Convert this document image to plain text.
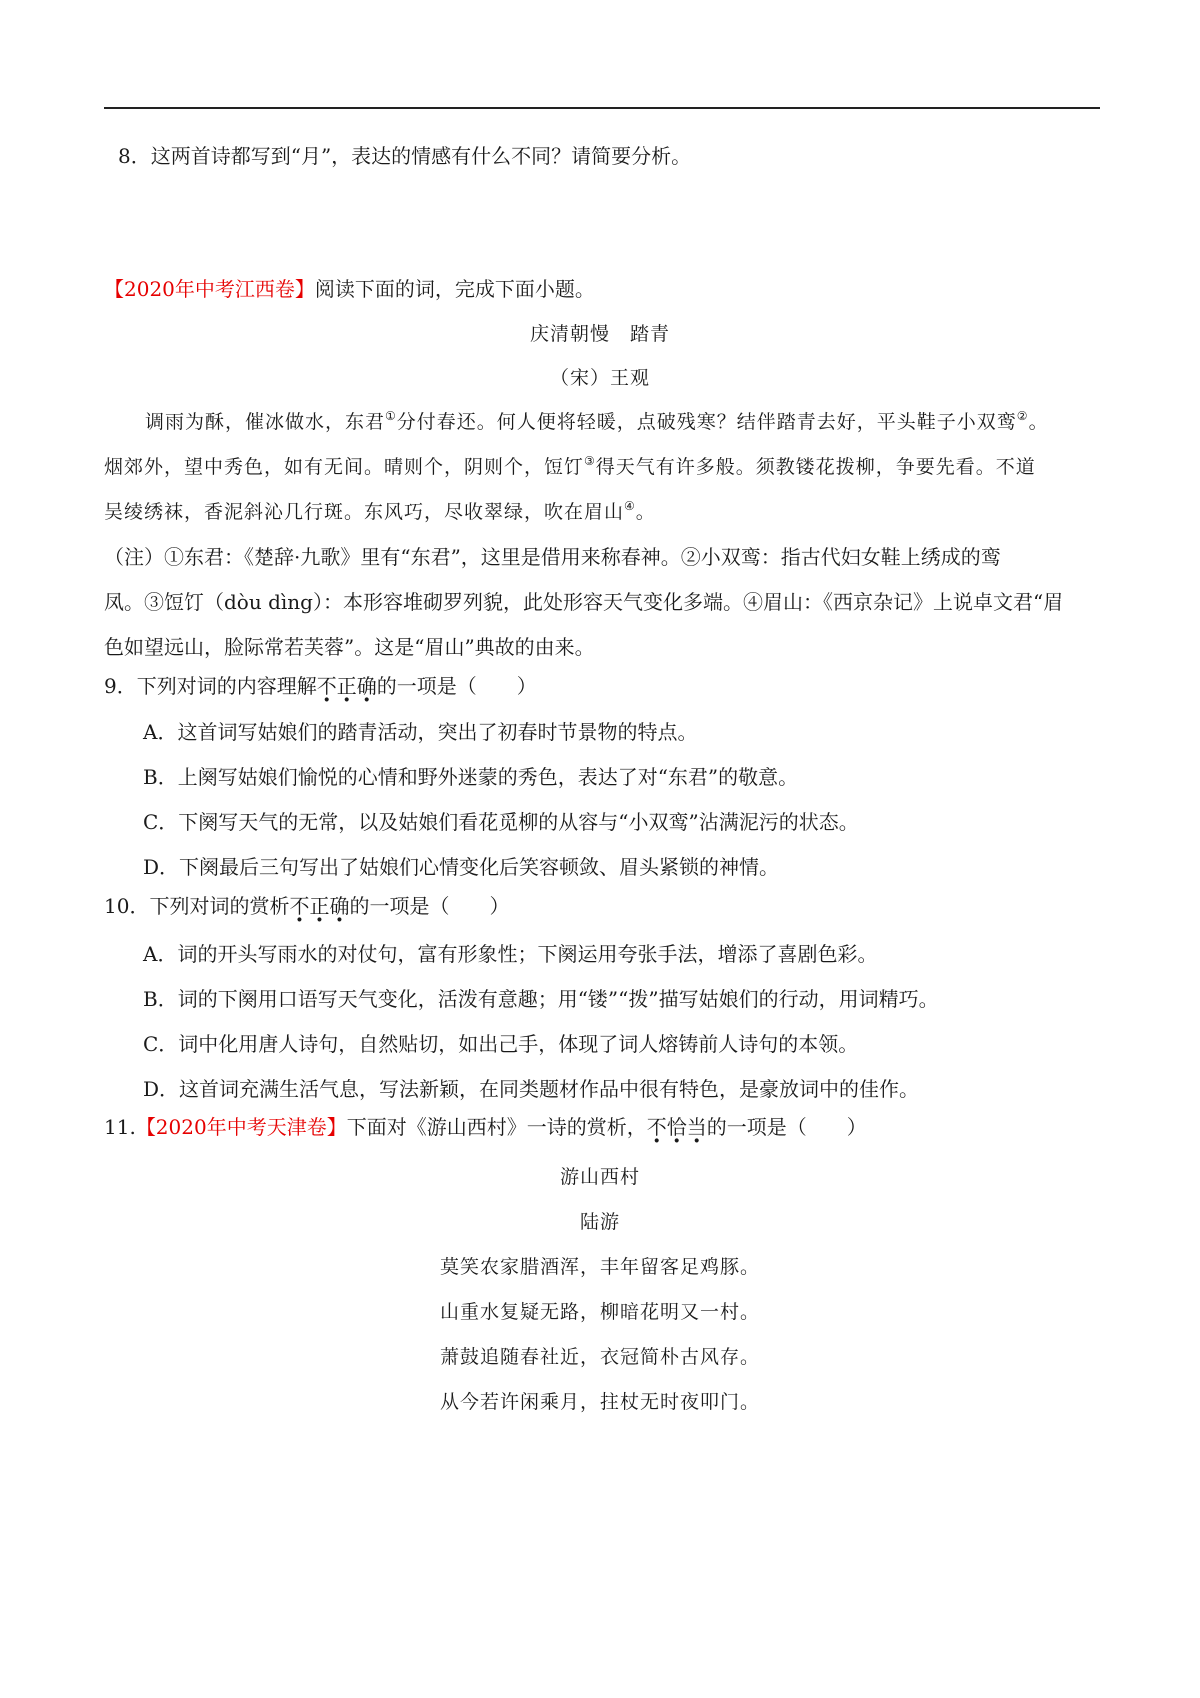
8．这两首诗都写到“月”，表达的情感有什么不同？请简要分析。
【2020年中考江西卷】阅读下面的词，完成下面小题。
庆清朝慢　踏青
（宋）王观
调雨为酥，催冰做水，东君①分付春还。何人便将轻暖，点破残寒？结伴踏青去好，平头鞋子小双鸾②。
烟郊外，望中秀色，如有无间。晴则个，阴则个，饾饤③得天气有许多般。须教镂花拨柳，争要先看。不道
吴绫绣袜，香泥斜沁几行斑。东风巧，尽收翠绿，吹在眉山④。
（注）①东君：《楚辞·九歌》里有“东君”，这里是借用来称春神。②小双鸾：指古代妇女鞋上绣成的鸾
凤。③饾饤（dòu dìng）：本形容堆砌罗列貌，此处形容天气变化多端。④眉山：《西京杂记》上说卓文君“眉
色如望远山，脸际常若芙蓉”。这是“眉山”典故的由来。
9．下列对词的内容理解不正确的一项是（　　）
A．这首词写姑娘们的踏青活动，突出了初春时节景物的特点。
B．上阕写姑娘们愉悦的心情和野外迷蒙的秀色，表达了对“东君”的敬意。
C．下阕写天气的无常，以及姑娘们看花觅柳的从容与“小双鸾”沾满泥污的状态。
D．下阕最后三句写出了姑娘们心情变化后笑容顿敛、眉头紧锁的神情。
10．下列对词的赏析不正确的一项是（　　）
A．词的开头写雨水的对仗句，富有形象性；下阕运用夸张手法，增添了喜剧色彩。
B．词的下阕用口语写天气变化，活泼有意趣；用“镂”“拨”描写姑娘们的行动，用词精巧。
C．词中化用唐人诗句，自然贴切，如出己手，体现了词人熔铸前人诗句的本领。
D．这首词充满生活气息，写法新颖，在同类题材作品中很有特色，是豪放词中的佳作。
11.【2020年中考天津卷】下面对《游山西村》一诗的赏析，不恰当的一项是（　　）
游山西村
陆游
莫笑农家腊酒浑，丰年留客足鸡豚。
山重水复疑无路，柳暗花明又一村。
萧鼓追随春社近，衣冠简朴古风存。
从今若许闲乘月，拄杖无时夜叩门。
